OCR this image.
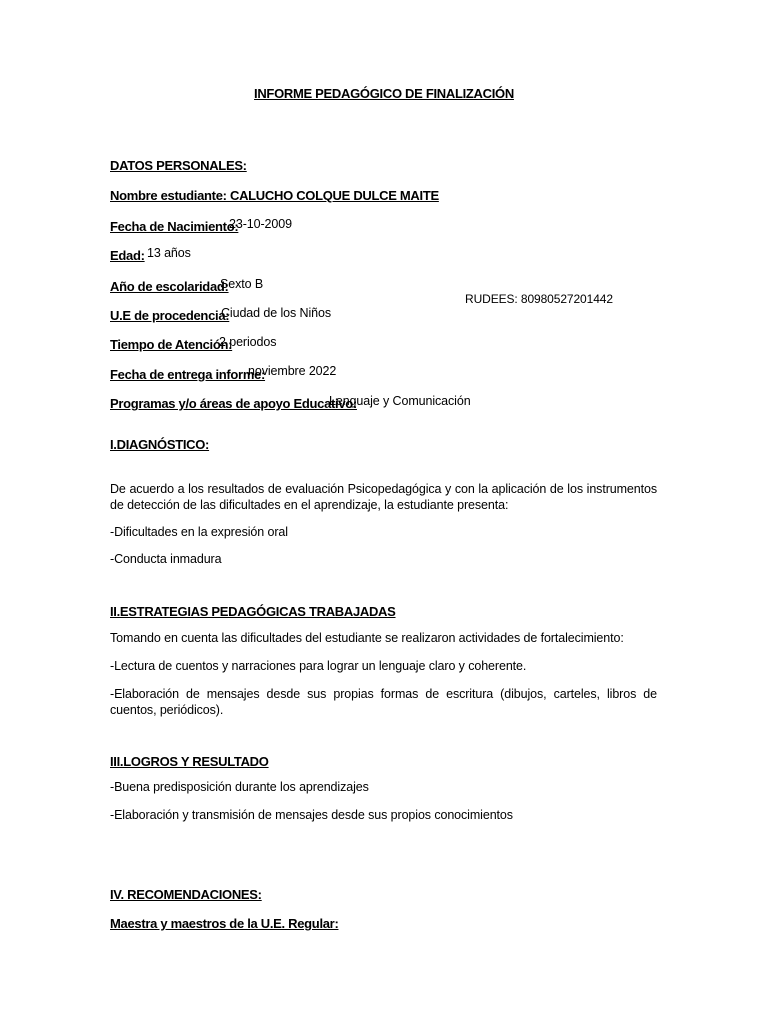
INFORME PEDAGÓGICO DE FINALIZACIÓN
DATOS PERSONALES:
Nombre estudiante: CALUCHO COLQUE DULCE MAITE
Fecha de Nacimiento:
23-10-2009
Edad: 13 años
Año de escolaridad:
Sexto B
RUDEES: 80980527201442
U.E de procedencia:
Ciudad de los Niños
Tiempo de Atención:
2 periodos
Fecha de entrega informe:
noviembre 2022
Programas y/o áreas de apoyo Educativo:
Lenguaje y Comunicación
I.DIAGNÓSTICO:
De acuerdo a los resultados de evaluación Psicopedagógica y con la aplicación de los instrumentos de detección de las dificultades en el aprendizaje, la estudiante presenta:
-Dificultades en la expresión oral
-Conducta inmadura
II.ESTRATEGIAS PEDAGÓGICAS TRABAJADAS
Tomando en cuenta las dificultades del estudiante se realizaron actividades de fortalecimiento:
-Lectura de cuentos y narraciones para lograr un lenguaje claro y coherente.
-Elaboración de mensajes desde sus propias formas de escritura (dibujos, carteles, libros de cuentos, periódicos).
III.LOGROS Y RESULTADO
-Buena predisposición durante los aprendizajes
-Elaboración y transmisión de mensajes desde sus propios conocimientos
IV. RECOMENDACIONES:
Maestra y maestros de la U.E. Regular:
